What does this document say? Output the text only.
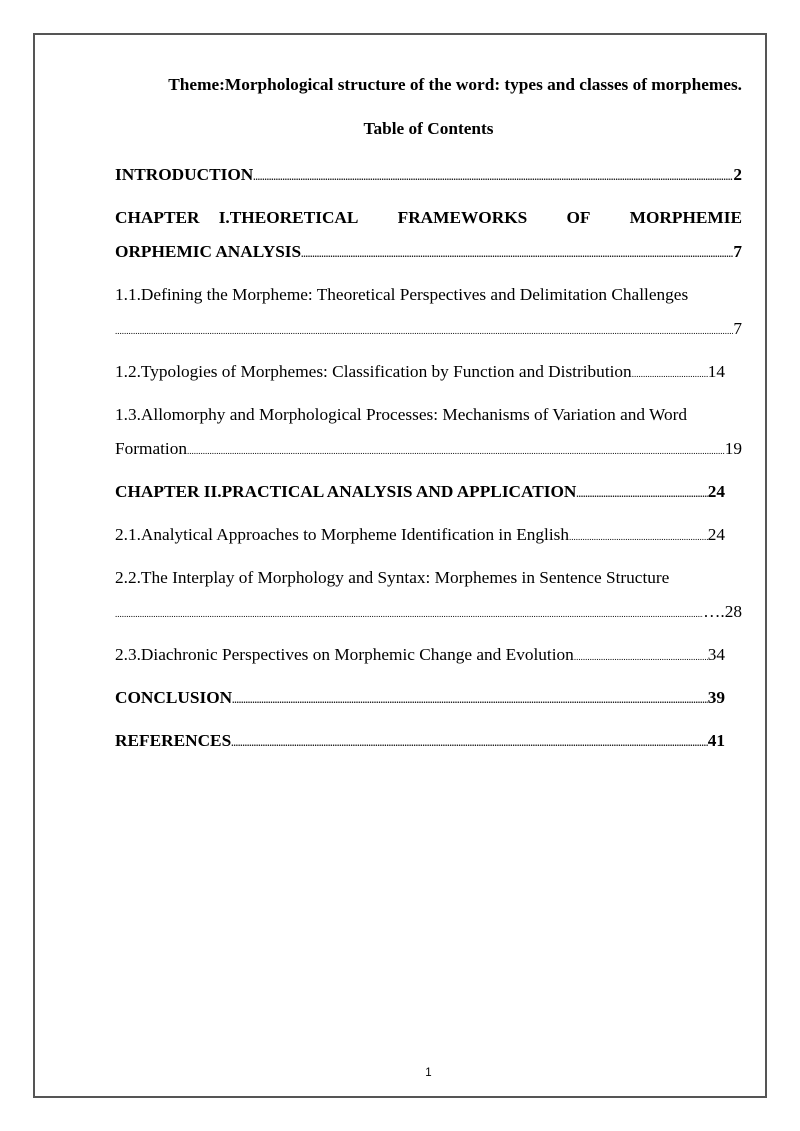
Theme:Morphological structure of the word: types and classes of morphemes.
Table of Contents
INTRODUCTION .....	2
CHAPTER I.THEORETICAL FRAMEWORKS OF MORPHEMIE
ORPHEMIC ANALYSIS .....	7
1.1.Defining the Morpheme: Theoretical Perspectives and Delimitation Challenges
.....
7
1.2.Typologies of Morphemes: Classification by Function and Distribution .....	14
1.3.Allomorphy and Morphological Processes: Mechanisms of Variation and Word
Formation .....	19
CHAPTER II.PRACTICAL ANALYSIS AND APPLICATION .....	24
2.1.Analytical Approaches to Morpheme Identification in English .....	24
2.2.The Interplay of Morphology and Syntax: Morphemes in Sentence Structure
.....
….28
2.3.Diachronic Perspectives on Morphemic Change and Evolution .....	34
CONCLUSION .....	39
REFERENCES .....	41
1
